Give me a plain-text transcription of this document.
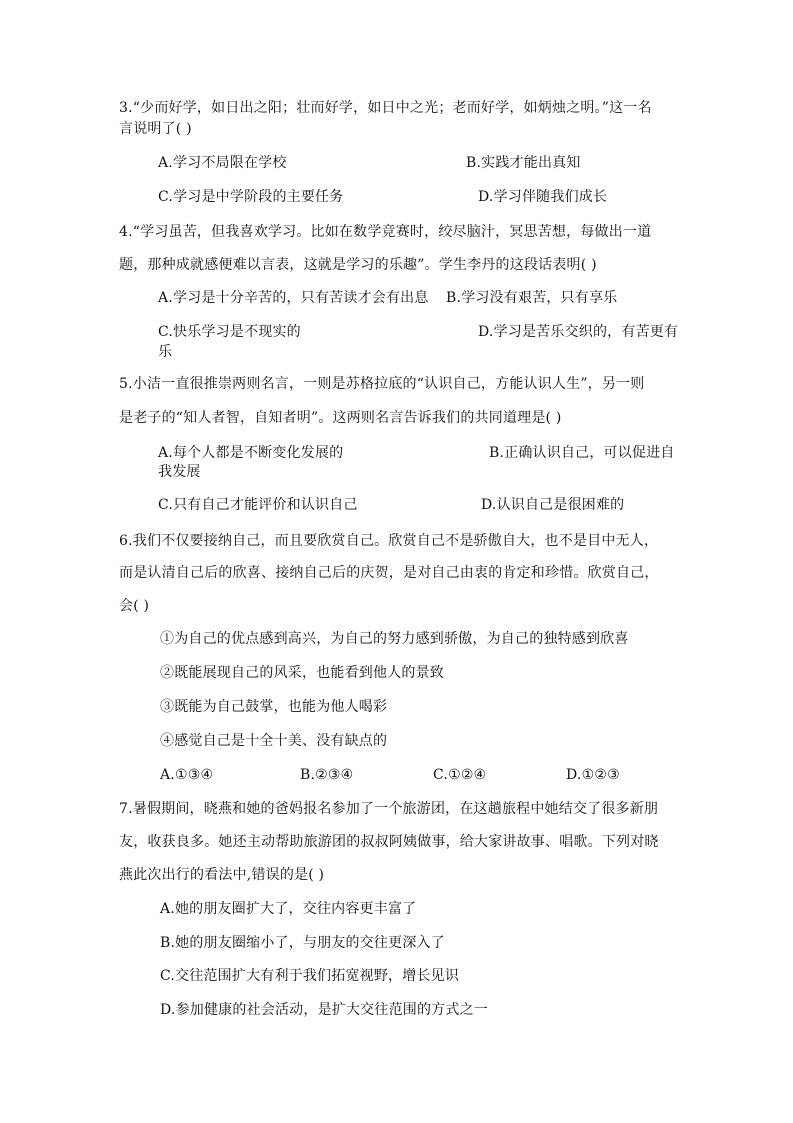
3.“少而好学，如日出之阳；壮而好学，如日中之光；老而好学，如炳烛之明。”这一名
言说明了( )
A.学习不局限在学校	B.实践才能出真知
C.学习是中学阶段的主要任务	D.学习伴随我们成长
4.“学习虽苦，但我喜欢学习。比如在数学竞赛时，绞尽脑汁，冥思苦想，每做出一道
题，那种成就感便难以言表，这就是学习的乐趣”。学生李丹的这段话表明( )
A.学习是十分辛苦的，只有苦读才会有出息 B.学习没有艰苦，只有享乐
C.快乐学习是不现实的	D.学习是苦乐交织的，有苦更有
乐
5.小洁一直很推崇两则名言，一则是苏格拉底的“认识自己，方能认识人生”，另一则
是老子的“知人者智，自知者明”。这两则名言告诉我们的共同道理是( )
A.每个人都是不断变化发展的	B.正确认识自己，可以促进自
我发展
C.只有自己才能评价和认识自己	D.认识自己是很困难的
6.我们不仅要接纳自己，而且要欣赏自己。欣赏自己不是骄傲自大，也不是目中无人，
而是认清自己后的欣喜、接纳自己后的庆贺，是对自己由衷的肯定和珍惜。欣赏自己，
会( )
①为自己的优点感到高兴，为自己的努力感到骄傲，为自己的独特感到欣喜
②既能展现自己的风采，也能看到他人的景致
③既能为自己鼓掌，也能为他人喝彩
④感觉自己是十全十美、没有缺点的
A.①③④	B.②③④	C.①②④	D.①②③
7.暑假期间，晓燕和她的爸妈报名参加了一个旅游团，在这趟旅程中她结交了很多新朋
友，收获良多。她还主动帮助旅游团的叔叔阿姨做事，给大家讲故事、唱歌。下列对晓
燕此次出行的看法中,错误的是( )
A.她的朋友圈扩大了，交往内容更丰富了
B.她的朋友圈缩小了，与朋友的交往更深入了
C.交往范围扩大有利于我们拓宽视野，增长见识
D.参加健康的社会活动，是扩大交往范围的方式之一
